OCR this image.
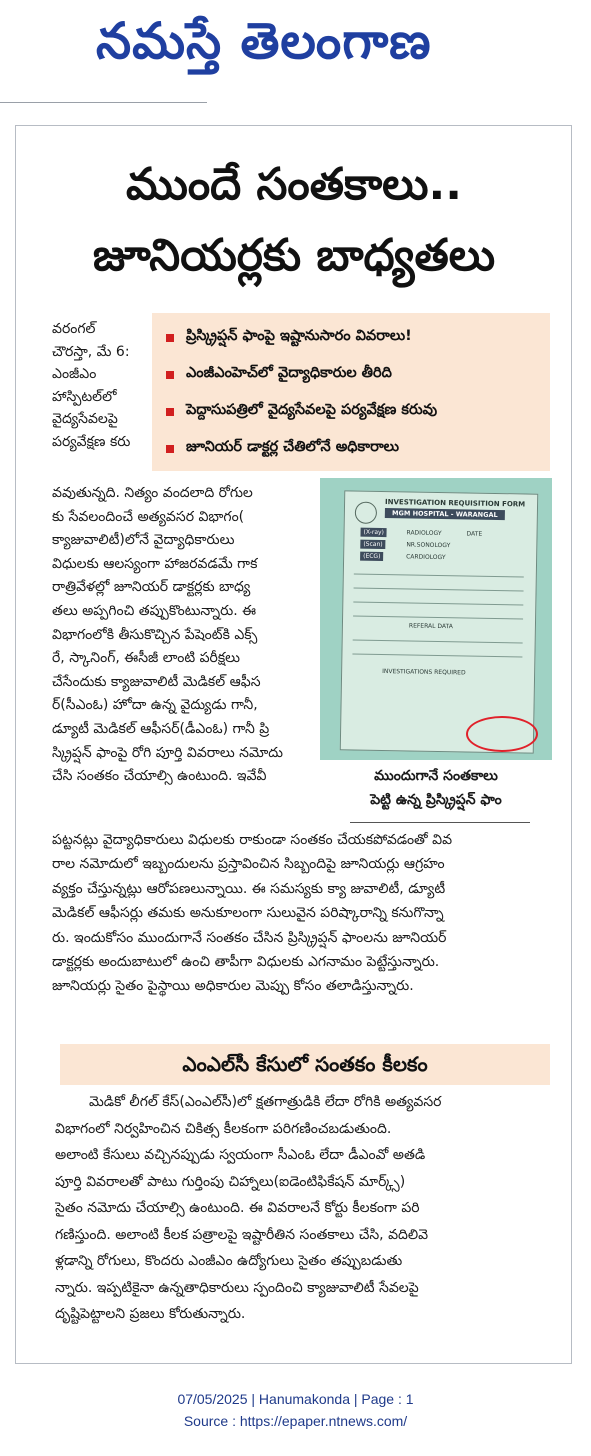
నమస్తే తెలంగాణ
ముందే సంతకాలు..
జూనియర్లకు బాధ్యతలు
వరంగల్
చౌరస్తా, మే 6:
ఎంజీఎం
హాస్పిటల్‌లో
వైద్యసేవలపై
పర్యవేక్షణ కరు
ప్రిస్క్రిప్షన్ ఫాంపై ఇష్టానుసారం వివరాలు!
ఎంజీఎంహెచ్‌లో వైద్యాధికారుల తీరిది
పెద్దాసుపత్రిలో వైద్యసేవలపై పర్యవేక్షణ కరువు
జూనియర్ డాక్టర్ల చేతిలోనే అధికారాలు
వవుతున్నది. నిత్యం వందలాది రోగుల
కు సేవలందించే అత్యవసర విభాగం(
క్యాజువాలిటీ)లోనే వైద్యాధికారులు
విధులకు ఆలస్యంగా హాజరవడమే గాక
రాత్రివేళల్లో జూనియర్ డాక్టర్లకు బాధ్య
తలు అప్పగించి తప్పుకొంటున్నారు. ఈ
విభాగంలోకి తీసుకొచ్చిన పేషెంట్‌కి ఎక్స్
రే, స్కానింగ్, ఈసీజీ లాంటి పరీక్షలు
చేసేందుకు క్యాజువాలిటీ మెడికల్ ఆఫీస
ర్(సీఎంఓ) హోదా ఉన్న వైద్యుడు గానీ,
డ్యూటీ మెడికల్ ఆఫీసర్(డీఎంఓ) గానీ ప్రి
స్క్రిప్షన్ ఫాంపై రోగి పూర్తి వివరాలు నమోదు
చేసి సంతకం చేయాల్సి ఉంటుంది. ఇవేవీ
INVESTIGATION REQUISITION FORM
MGM HOSPITAL - WARANGAL
(X-ray)	RADIOLOGY	DATE
(Scan)	NR.SONOLOGY
(ECG)	CARDIOLOGY
REFERAL DATA
INVESTIGATIONS REQUIRED
ముందుగానే సంతకాలు
పెట్టి ఉన్న ప్రిస్క్రిప్షన్ ఫాం
పట్టనట్లు వైద్యాధికారులు విధులకు రాకుండా సంతకం చేయకపోవడంతో వివ
రాల నమోదులో ఇబ్బందులను ప్రస్తావించిన సిబ్బందిపై జూనియర్లు ఆగ్రహం
వ్యక్తం చేస్తున్నట్లు ఆరోపణలున్నాయి. ఈ సమస్యకు క్యా జువాలిటీ, డ్యూటీ
మెడికల్ ఆఫీసర్లు తమకు అనుకూలంగా సులువైన పరిష్కారాన్ని కనుగొన్నా
రు. ఇందుకోసం ముందుగానే సంతకం చేసిన ప్రిస్క్రిప్షన్ ఫాంలను జూనియర్
డాక్టర్లకు అందుబాటులో ఉంచి తాపీగా విధులకు ఎగనామం పెట్టేస్తున్నారు.
జూనియర్లు సైతం పైస్థాయి అధికారుల మెప్పు కోసం తలాడిస్తున్నారు.
ఎంఎల్‌సీ కేసులో సంతకం కీలకం
మెడికో లీగల్ కేస్(ఎంఎల్‌సీ)లో క్షతగాత్రుడికి లేదా రోగికి అత్యవసర
విభాగంలో నిర్వహించిన చికిత్స కీలకంగా పరిగణించబడుతుంది.
అలాంటి కేసులు వచ్చినప్పుడు స్వయంగా సీఎంఓ లేదా డీఎంవో అతడి
పూర్తి వివరాలతో పాటు గుర్తింపు చిహ్నాలు(ఐడెంటిఫికేషన్ మార్క్స్)
సైతం నమోదు చేయాల్సి ఉంటుంది. ఈ వివరాలనే కోర్టు కీలకంగా పరి
గణిస్తుంది. అలాంటి కీలక పత్రాలపై ఇష్టారీతిన సంతకాలు చేసి, వదిలివె
ళ్లడాన్ని రోగులు, కొందరు ఎంజీఎం ఉద్యోగులు సైతం తప్పుబడుతు
న్నారు. ఇప్పటికైనా ఉన్నతాధికారులు స్పందించి క్యాజువాలిటీ సేవలపై
దృష్టిపెట్టాలని ప్రజలు కోరుతున్నారు.
07/05/2025 | Hanumakonda | Page : 1
Source : https://epaper.ntnews.com/
